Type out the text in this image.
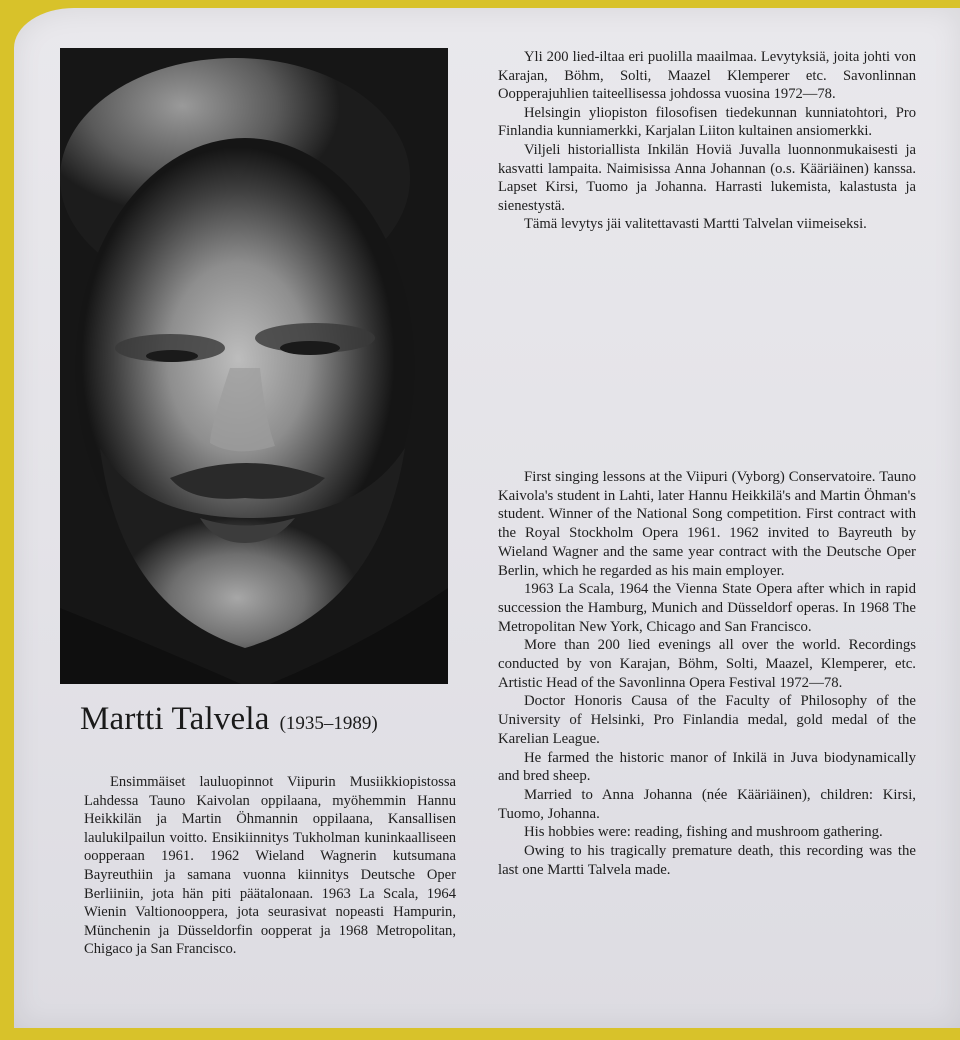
Martti Talvela (1935–1989)

Ensimmäiset lauluopinnot Viipurin Musiikkiopistossa Lahdessa Tauno Kaivolan oppilaana, myöhemmin Hannu Heikkilän ja Martin Öhmannin oppilaana, Kansallisen laulukilpailun voitto. Ensikiinnitys Tukholman kuninkaalliseen oopperaan 1961. 1962 Wieland Wagnerin kutsumana Bayreuthiin ja samana vuonna kiinnitys Deutsche Oper Berliiniin, jota hän piti päätalonaan. 1963 La Scala, 1964 Wienin Valtionooppera, jota seurasivat nopeasti Hampurin, Münchenin ja Düsseldorfin oopperat ja 1968 Metropolitan, Chigaco ja San Francisco.

Yli 200 lied-iltaa eri puolilla maailmaa. Levytyksiä, joita johti von Karajan, Böhm, Solti, Maazel Klemperer etc. Savonlinnan Oopperajuhlien taiteellisessa johdossa vuosina 1972—78.

Helsingin yliopiston filosofisen tiedekunnan kunniatohtori, Pro Finlandia kunniamerkki, Karjalan Liiton kultainen ansiomerkki.

Viljeli historiallista Inkilän Hoviä Juvalla luonnonmukaisesti ja kasvatti lampaita. Naimisissa Anna Johannan (o.s. Kääriäinen) kanssa. Lapset Kirsi, Tuomo ja Johanna. Harrasti lukemista, kalastusta ja sienestystä.

Tämä levytys jäi valitettavasti Martti Talvelan viimeiseksi.

First singing lessons at the Viipuri (Vyborg) Conservatoire. Tauno Kaivola's student in Lahti, later Hannu Heikkilä's and Martin Öhman's student. Winner of the National Song competition. First contract with the Royal Stockholm Opera 1961. 1962 invited to Bayreuth by Wieland Wagner and the same year contract with the Deutsche Oper Berlin, which he regarded as his main employer.

1963 La Scala, 1964 the Vienna State Opera after which in rapid succession the Hamburg, Munich and Düsseldorf operas. In 1968 The Metropolitan New York, Chicago and San Francisco.

More than 200 lied evenings all over the world. Recordings conducted by von Karajan, Böhm, Solti, Maazel, Klemperer, etc. Artistic Head of the Savonlinna Opera Festival 1972—78.

Doctor Honoris Causa of the Faculty of Philosophy of the University of Helsinki, Pro Finlandia medal, gold medal of the Karelian League.

He farmed the historic manor of Inkilä in Juva biodynamically and bred sheep.

Married to Anna Johanna (née Kääriäinen), children: Kirsi, Tuomo, Johanna.

His hobbies were: reading, fishing and mushroom gathering.

Owing to his tragically premature death, this recording was the last one Martti Talvela made.
